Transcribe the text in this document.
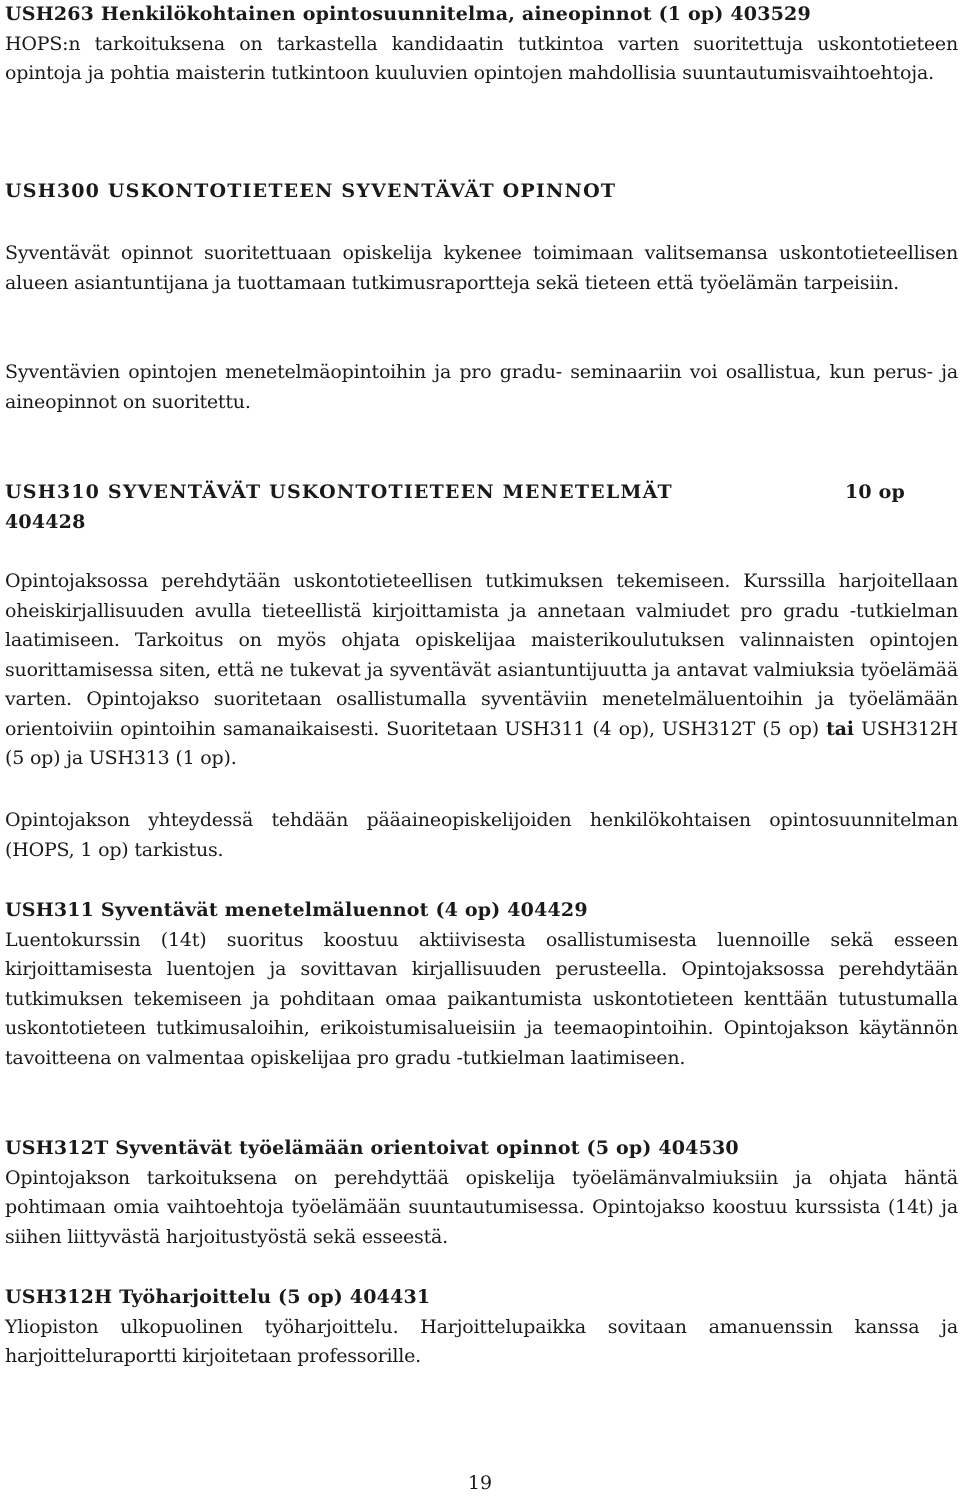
USH263 Henkilökohtainen opintosuunnitelma, aineopinnot (1 op) 403529

HOPS:n tarkoituksena on tarkastella kandidaatin tutkintoa varten suoritettuja uskontotieteen opintoja ja pohtia maisterin tutkintoon kuuluvien opintojen mahdollisia suuntautumisvaihtoehtoja.

USH300 USKONTOTIETEEN SYVENTÄVÄT OPINNOT

Syventävät opinnot suoritettuaan opiskelija kykenee toimimaan valitsemansa uskontotieteellisen alueen asiantuntijana ja tuottamaan tutkimusraportteja sekä tieteen että työelämän tarpeisiin.

Syventävien opintojen menetelmäopintoihin ja pro gradu- seminaariin voi osallistua, kun perus- ja aineopinnot on suoritettu.

USH310 SYVENTÄVÄT USKONTOTIETEEN MENETELMÄT	10 op

404428

Opintojaksossa perehdytään uskontotieteellisen tutkimuksen tekemiseen. Kurssilla harjoitellaan oheiskirjallisuuden avulla tieteellistä kirjoittamista ja annetaan valmiudet pro gradu -tutkielman laatimiseen. Tarkoitus on myös ohjata opiskelijaa maisterikoulutuksen valinnaisten opintojen suorittamisessa siten, että ne tukevat ja syventävät asiantuntijuutta ja antavat valmiuksia työelämää varten. Opintojakso suoritetaan osallistumalla syventäviin menetelmäluentoihin ja työelämään orientoiviin opintoihin samanaikaisesti. Suoritetaan USH311 (4 op), USH312T (5 op) tai USH312H (5 op) ja USH313 (1 op).

Opintojakson yhteydessä tehdään pääaineopiskelijoiden henkilökohtaisen opintosuunnitelman (HOPS, 1 op) tarkistus.

USH311 Syventävät menetelmäluennot (4 op) 404429

Luentokurssin (14t) suoritus koostuu aktiivisesta osallistumisesta luennoille sekä esseen kirjoittamisesta luentojen ja sovittavan kirjallisuuden perusteella. Opintojaksossa perehdytään tutkimuksen tekemiseen ja pohditaan omaa paikantumista uskontotieteen kenttään tutustumalla uskontotieteen tutkimusaloihin, erikoistumisalueisiin ja teemaopintoihin. Opintojakson käytännön tavoitteena on valmentaa opiskelijaa pro gradu -tutkielman laatimiseen.

USH312T Syventävät työelämään orientoivat opinnot (5 op) 404530

Opintojakson tarkoituksena on perehdyttää opiskelija työelämänvalmiuksiin ja ohjata häntä pohtimaan omia vaihtoehtoja työelämään suuntautumisessa. Opintojakso koostuu kurssista (14t) ja siihen liittyvästä harjoitustyöstä sekä esseestä.

USH312H Työharjoittelu (5 op) 404431

Yliopiston ulkopuolinen työharjoittelu. Harjoittelupaikka sovitaan amanuenssin kanssa ja harjoitteluraportti kirjoitetaan professorille.

19
